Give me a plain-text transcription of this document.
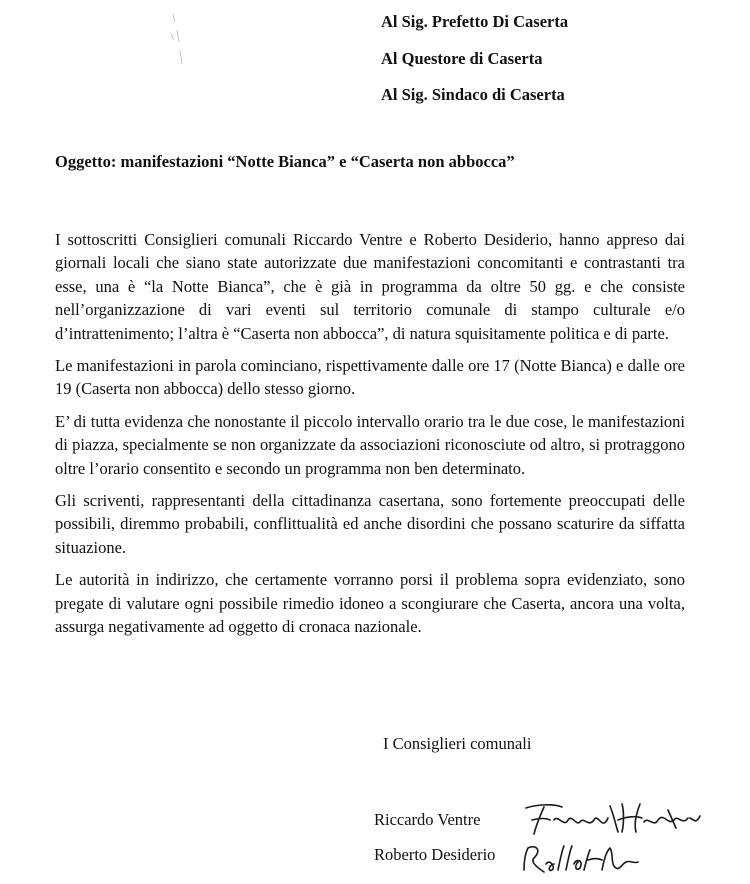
Al Sig. Prefetto Di Caserta
Al Questore di Caserta
Al Sig. Sindaco di Caserta
Oggetto: manifestazioni “Notte Bianca” e “Caserta non abbocca”

I sottoscritti Consiglieri comunali Riccardo Ventre e Roberto Desiderio, hanno appreso dai giornali locali che siano state autorizzate due manifestazioni concomitanti e contrastanti tra esse, una è “la Notte Bianca”, che è già in programma da oltre 50 gg. e che consiste nell’organizzazione di vari eventi sul territorio comunale di stampo culturale e/o d’intrattenimento; l’altra è “Caserta non abbocca”, di natura squisitamente politica e di parte.

Le manifestazioni in parola cominciano, rispettivamente dalle ore 17 (Notte Bianca) e dalle ore 19 (Caserta non abbocca) dello stesso giorno.

E’ di tutta evidenza che nonostante il piccolo intervallo orario tra le due cose, le manifestazioni di piazza, specialmente se non organizzate da associazioni riconosciute od altro, si protraggono oltre l’orario consentito e secondo un programma non ben determinato.

Gli scriventi, rappresentanti della cittadinanza casertana, sono fortemente preoccupati delle possibili, diremmo probabili, conflittualità ed anche disordini che possano scaturire da siffatta situazione.

Le autorità in indirizzo, che certamente vorranno porsi il problema sopra evidenziato, sono pregate di valutare ogni possibile rimedio idoneo a scongiurare che Caserta, ancora una volta, assurga negativamente ad oggetto di cronaca nazionale.

I Consiglieri comunali
Riccardo Ventre
Roberto Desiderio
